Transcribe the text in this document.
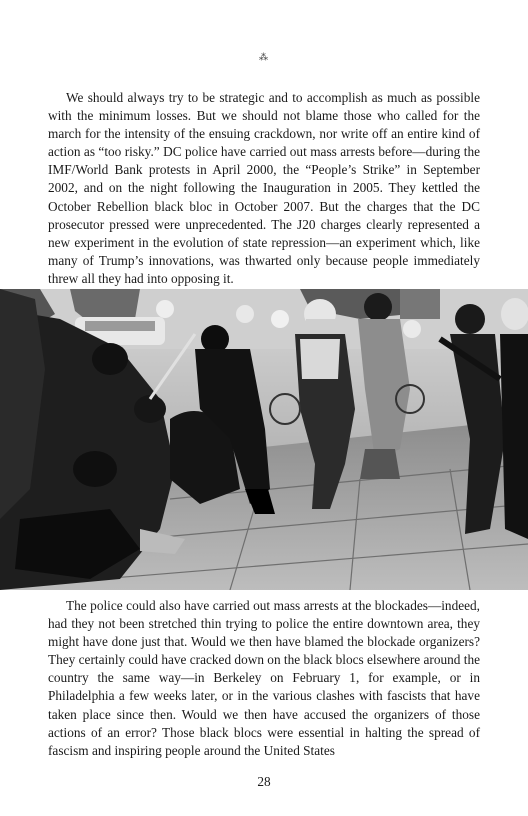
⁂

We should always try to be strategic and to accomplish as much as possible with the minimum losses. But we should not blame those who called for the march for the intensity of the ensuing crackdown, nor write off an entire kind of action as “too risky.” DC police have carried out mass arrests before—during the IMF/World Bank protests in April 2000, the “People’s Strike” in September 2002, and on the night following the Inauguration in 2005. They kettled the October Rebellion black bloc in October 2007. But the charges that the DC prosecutor pressed were unprecedented. The J20 charges clearly represented a new experiment in the evolution of state repression—an experiment which, like many of Trump’s innovations, was thwarted only because people immediately threw all they had into opposing it.

The police could also have carried out mass arrests at the blockades—indeed, had they not been stretched thin trying to police the entire downtown area, they might have done just that. Would we then have blamed the blockade organizers? They certainly could have cracked down on the black blocs elsewhere around the country the same way—in Berkeley on February 1, for example, or in Philadelphia a few weeks later, or in the various clashes with fascists that have taken place since then. Would we then have accused the organizers of those actions of an error? Those black blocs were essential in halting the spread of fascism and inspiring people around the United States

28
